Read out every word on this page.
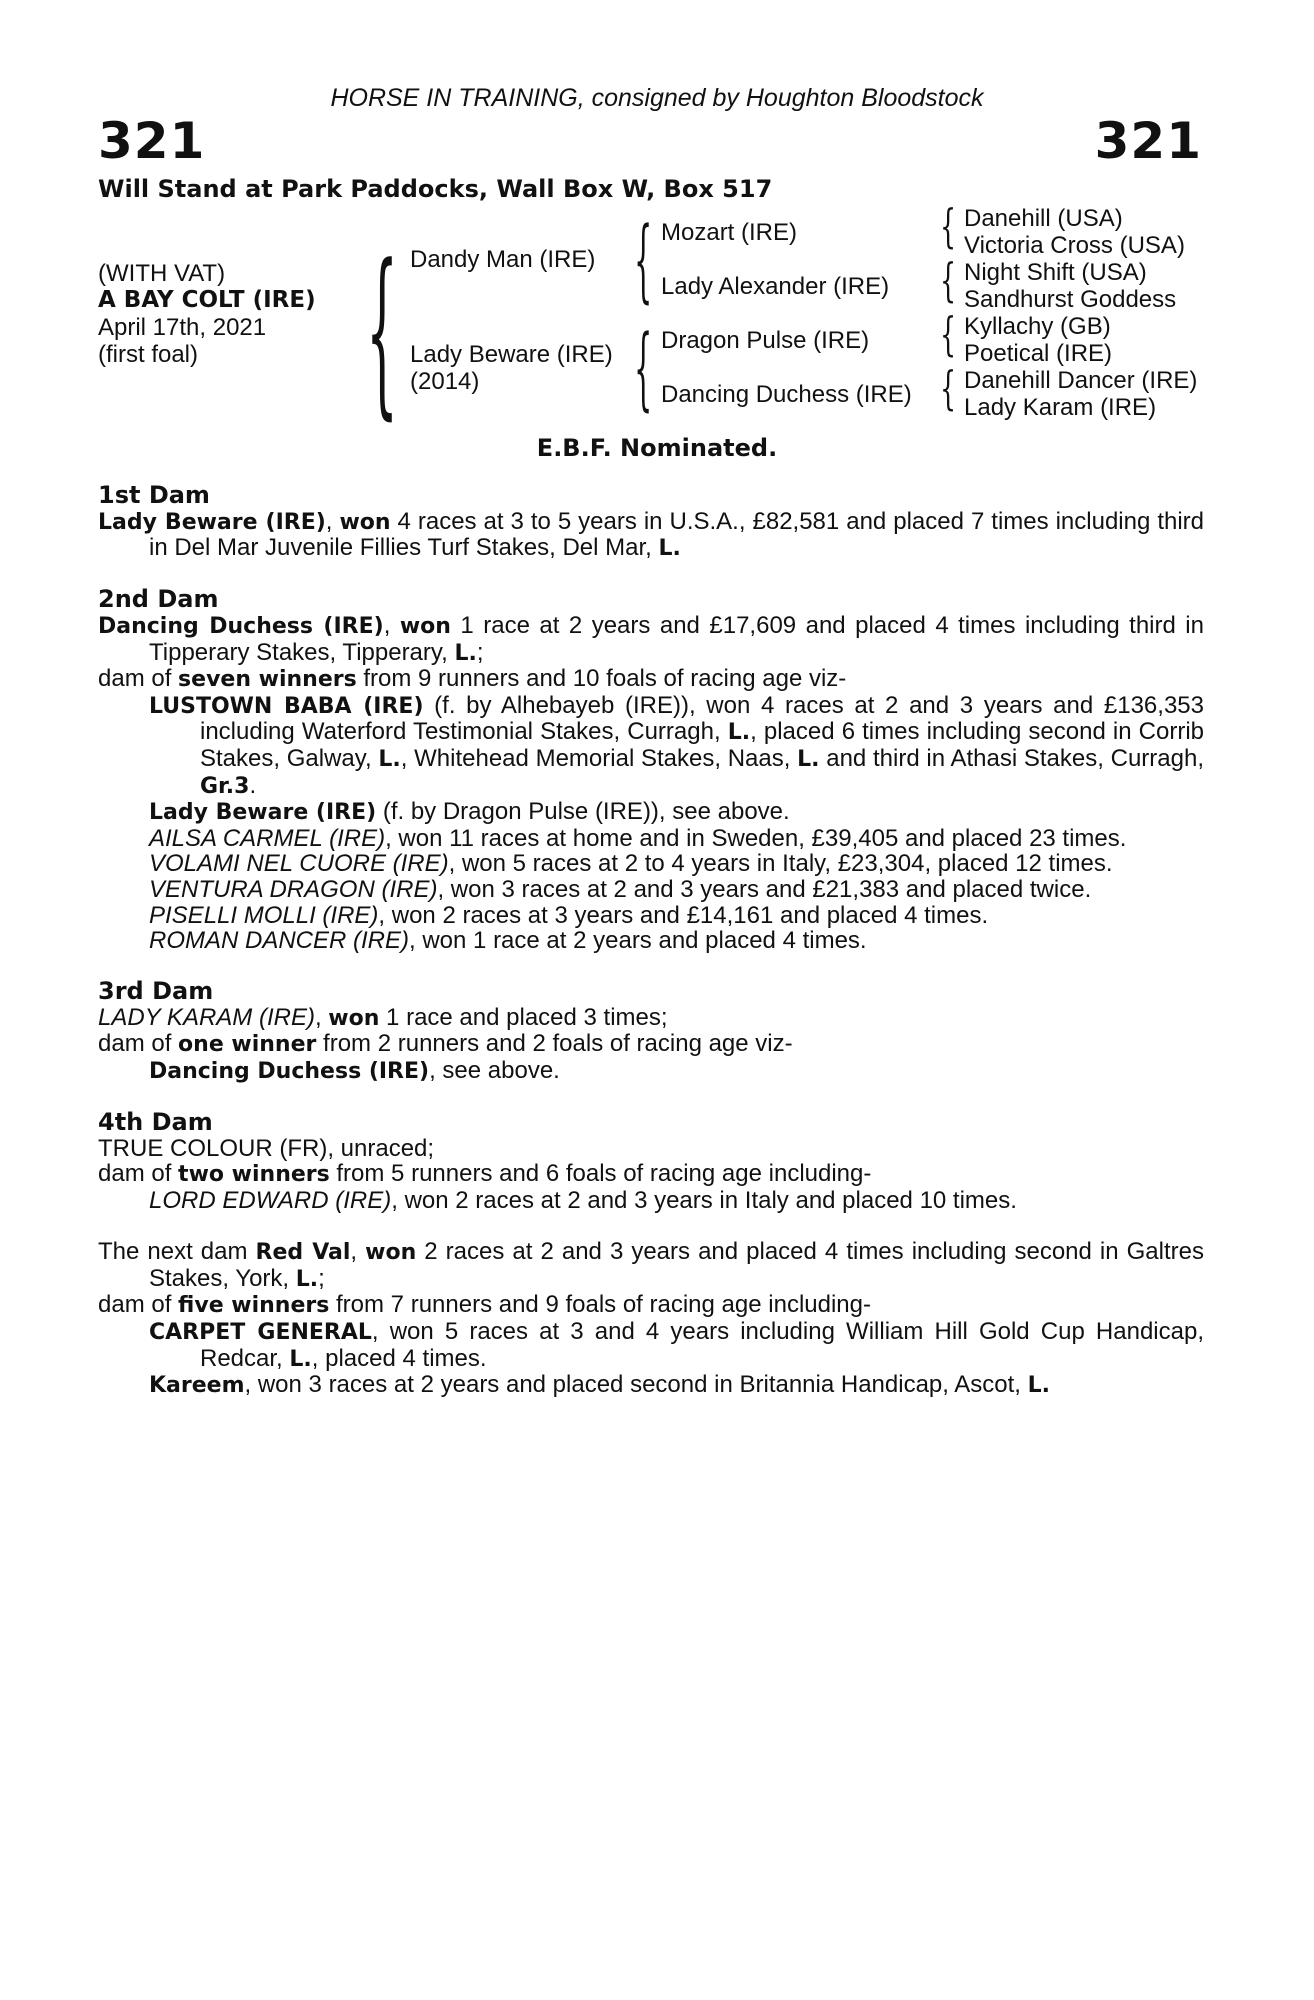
HORSE IN TRAINING, consigned by Houghton Bloodstock
321	321
Will Stand at Park Paddocks, Wall Box W, Box 517
(WITH VAT)
A BAY COLT (IRE)
April 17th, 2021
(first foal) { Dandy Man (IRE)
Lady Beware (IRE)
(2014)
{
{
Mozart (IRE)
Lady Alexander (IRE)
Dragon Pulse (IRE)
Dancing Duchess (IRE)
{
{
{
{
Danehill (USA)
Victoria Cross (USA)
Night Shift (USA)
Sandhurst Goddess
Kyllachy (GB)
Poetical (IRE)
Danehill Dancer (IRE)
Lady Karam (IRE)
E.B.F. Nominated.

1st Dam

Lady Beware (IRE), won 4 races at 3 to 5 years in U.S.A., £82,581 and placed 7 times including third in Del Mar Juvenile Fillies Turf Stakes, Del Mar, L.

2nd Dam

Dancing Duchess (IRE), won 1 race at 2 years and £17,609 and placed 4 times including third in Tipperary Stakes, Tipperary, L.;

dam of seven winners from 9 runners and 10 foals of racing age viz-

LUSTOWN BABA (IRE) (f. by Alhebayeb (IRE)), won 4 races at 2 and 3 years and £136,353 including Waterford Testimonial Stakes, Curragh, L., placed 6 times including second in Corrib Stakes, Galway, L., Whitehead Memorial Stakes, Naas, L. and third in Athasi Stakes, Curragh, Gr.3.

Lady Beware (IRE) (f. by Dragon Pulse (IRE)), see above.

AILSA CARMEL (IRE), won 11 races at home and in Sweden, £39,405 and placed 23 times.

VOLAMI NEL CUORE (IRE), won 5 races at 2 to 4 years in Italy, £23,304, placed 12 times.

VENTURA DRAGON (IRE), won 3 races at 2 and 3 years and £21,383 and placed twice.

PISELLI MOLLI (IRE), won 2 races at 3 years and £14,161 and placed 4 times.

ROMAN DANCER (IRE), won 1 race at 2 years and placed 4 times.

3rd Dam

LADY KARAM (IRE), won 1 race and placed 3 times;

dam of one winner from 2 runners and 2 foals of racing age viz-

Dancing Duchess (IRE), see above.

4th Dam

TRUE COLOUR (FR), unraced;

dam of two winners from 5 runners and 6 foals of racing age including-

LORD EDWARD (IRE), won 2 races at 2 and 3 years in Italy and placed 10 times.

The next dam Red Val, won 2 races at 2 and 3 years and placed 4 times including second in Galtres Stakes, York, L.;

dam of five winners from 7 runners and 9 foals of racing age including-

CARPET GENERAL, won 5 races at 3 and 4 years including William Hill Gold Cup Handicap, Redcar, L., placed 4 times.

Kareem, won 3 races at 2 years and placed second in Britannia Handicap, Ascot, L.
